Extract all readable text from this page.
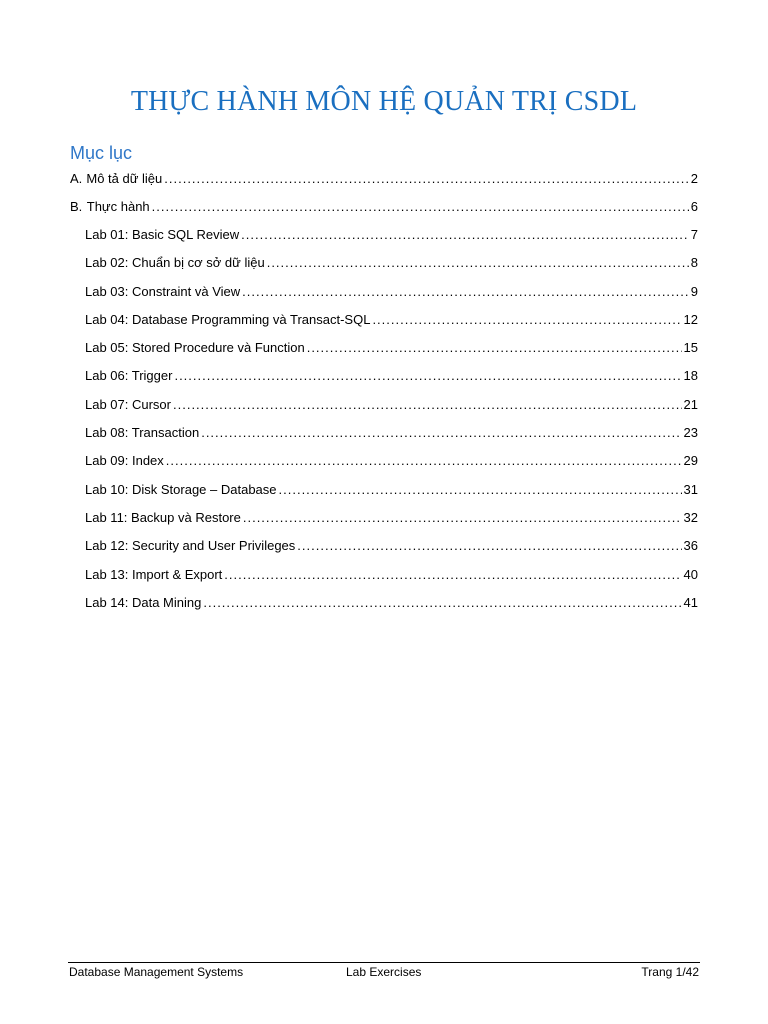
THỰC HÀNH MÔN HỆ QUẢN TRỊ CSDL
Mục lục
A. Mô tả dữ liệu .....	2
B. Thực hành .....	6
Lab 01: Basic SQL Review .....	7
Lab 02: Chuẩn bị cơ sở dữ liệu .....	8
Lab 03: Constraint và View .....	9
Lab 04: Database Programming và Transact-SQL .....	12
Lab 05: Stored Procedure và Function .....	15
Lab 06: Trigger .....	18
Lab 07: Cursor .....	21
Lab 08: Transaction .....	23
Lab 09: Index .....	29
Lab 10: Disk Storage – Database .....	31
Lab 11: Backup và Restore .....	32
Lab 12: Security and User Privileges .....	36
Lab 13: Import & Export .....	40
Lab 14: Data Mining .....	41
Database Management Systems	Lab Exercises	Trang 1/42
